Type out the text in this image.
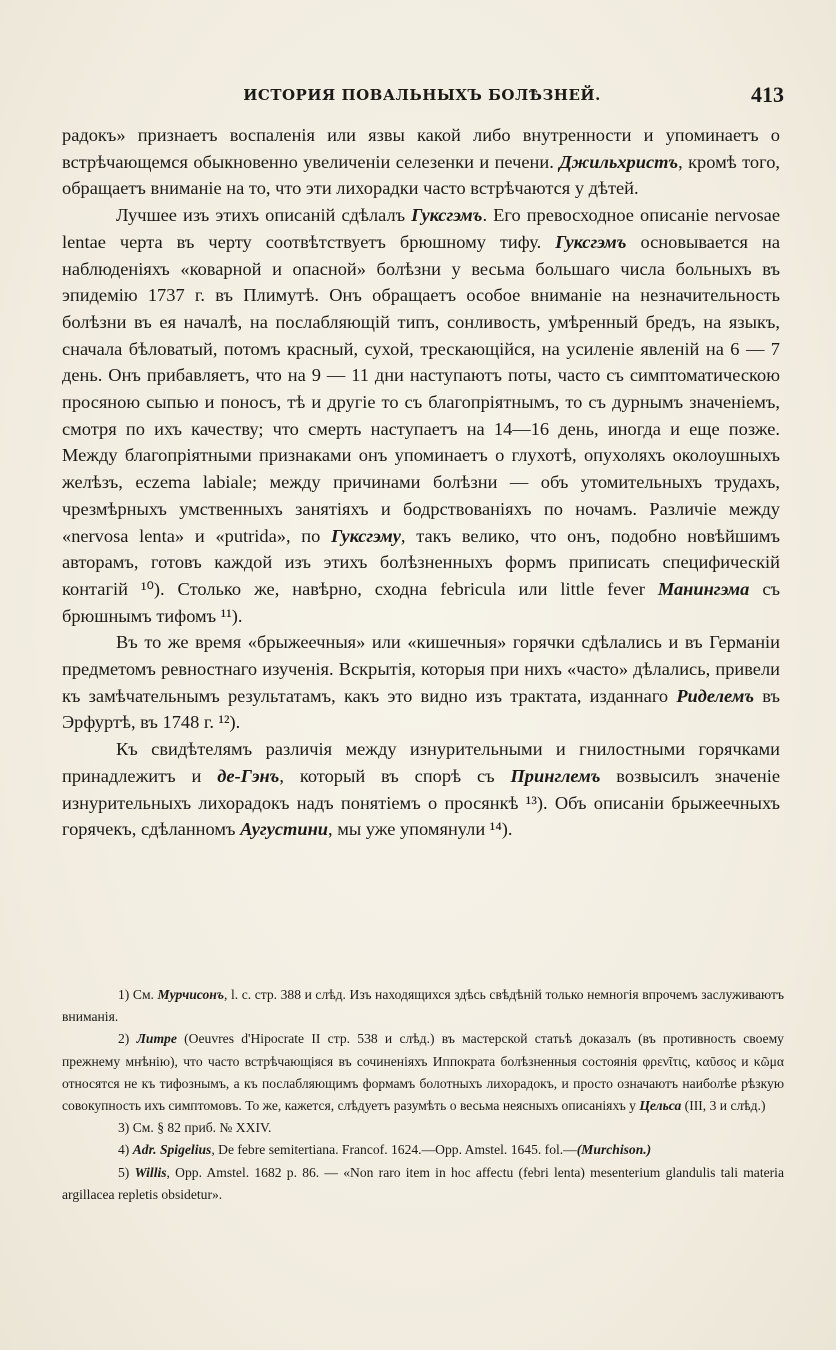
ИСТОРИЯ ПОВАЛЬНЫХЪ БОЛѢЗНЕЙ.	413

радокъ» признаетъ воспаленія или язвы какой либо внутренности и упоминаетъ о встрѣчающемся обыкновенно увеличеніи селезенки и печени. Джильхристъ, кромѣ того, обращаетъ вниманіе на то, что эти лихорадки часто встрѣчаются у дѣтей.

Лучшее изъ этихъ описаній сдѣлалъ Гуксгэмъ. Его превосходное описаніе nervosae lentae черта въ черту соотвѣтствуетъ брюшному тифу. Гуксгэмъ основывается на наблюденіяхъ «коварной и опасной» болѣзни у весьма большаго числа больныхъ въ эпидемію 1737 г. въ Плимутѣ. Онъ обращаетъ особое вниманіе на незначительность болѣзни въ ея началѣ, на послабляющій типъ, сонливость, умѣренный бредъ, на языкъ, сначала бѣловатый, потомъ красный, сухой, трескающійся, на усиленіе явленій на 6 — 7 день. Онъ прибавляетъ, что на 9 — 11 дни наступаютъ поты, часто съ симптоматическою просяною сыпью и поносъ, тѣ и другіе то съ благопріятнымъ, то съ дурнымъ значеніемъ, смотря по ихъ качеству; что смерть наступаетъ на 14—16 день, иногда и еще позже. Между благопріятными признаками онъ упоминаетъ о глухотѣ, опухоляхъ околоушныхъ желѣзъ, eczema labiale; между причинами болѣзни — объ утомительныхъ трудахъ, чрезмѣрныхъ умственныхъ занятіяхъ и бодрствованіяхъ по ночамъ. Различіе между «nervosa lenta» и «putrida», по Гуксгэму, такъ велико, что онъ, подобно новѣйшимъ авторамъ, готовъ каждой изъ этихъ болѣзненныхъ формъ приписать специфическій контагій ¹⁰). Столько же, навѣрно, сходна febricula или little fever Манингэма съ брюшнымъ тифомъ ¹¹).

Въ то же время «брыжеечныя» или «кишечныя» горячки сдѣлались и въ Германіи предметомъ ревностнаго изученія. Вскрытія, которыя при нихъ «часто» дѣлались, привели къ замѣчательнымъ результатамъ, какъ это видно изъ трактата, изданнаго Риделемъ въ Эрфуртѣ, въ 1748 г. ¹²).

Къ свидѣтелямъ различія между изнурительными и гнилостными горячками принадлежитъ и де-Гэнъ, который въ спорѣ съ Принглемъ возвысилъ значеніе изнурительныхъ лихорадокъ надъ понятіемъ о просянкѣ ¹³). Объ описаніи брыжеечныхъ горячекъ, сдѣланномъ Аугустини, мы уже упомянули ¹⁴).

1) См. Мурчисонъ, l. c. стр. 388 и слѣд. Изъ находящихся здѣсь свѣдѣній только немногія впрочемъ заслуживаютъ вниманія.

2) Литре (Oeuvres d'Hipocrate II стр. 538 и слѣд.) въ мастерской статьѣ доказалъ (въ противность своему прежнему мнѣнію), что часто встрѣчающіяся въ сочиненіяхъ Иппократа болѣзненныя состоянія φρενῖτις, καῦσος и κῶμα относятся не къ тифознымъ, а къ послабляющимъ формамъ болотныхъ лихорадокъ, и просто означаютъ наиболѣе рѣзкую совокупность ихъ симптомовъ. То же, кажется, слѣдуетъ разумѣть о весьма неясныхъ описаніяхъ у Цельса (III, 3 и слѣд.)

3) См. § 82 приб. № XXIV.

4) Adr. Spigelius, De febre semitertiana. Francof. 1624.—Opp. Amstel. 1645. fol.—(Murchison.)

5) Willis, Opp. Amstel. 1682 p. 86. — «Non raro item in hoc affectu (febri lenta) mesenterium glandulis tali materia argillacea repletis obsidetur».
